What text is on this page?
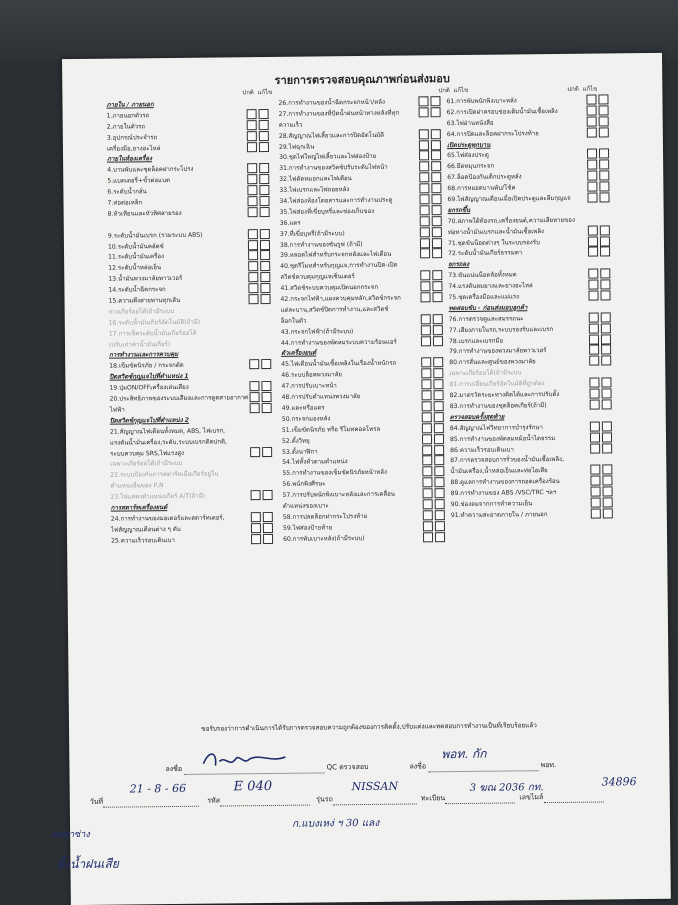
รายการตรวจสอบคุณภาพก่อนส่งมอบ
ปกติ แก้ไข	ปกติ แก้ไข	ปกติ แก้ไข
ภายใน / ภายนอก
1.ภายนอกตัวรถ
2.ภายในตัวรถ
3.อุปกรณ์ประจำรถ
เครื่องมือ,ยางอะไหล่
ภายในห้องเครื่อง
4.บานพับและชุดล็อคฝากระโปรง
5.แบตเตอรี่+ขั้วต่อแบต
6.ระดับน้ำกลั่น
7.ท่อต่อเหล็ก
8.หัวเทียนและหัวทิศสายรอง
9.ระดับน้ำมันเบรก (รวมระบบ ABS)
10.ระดับน้ำมันคลัตช์
11.ระดับน้ำมันเครื่อง
12.ระดับน้ำหล่อเย็น
13.น้ำมันพวงมาลัยพาวเวอร์
14.ระดับน้ำฉีดกระจก
15.ความตึงสายพานทุกเส้น
ทางเกียร์ออโต้(ถ้ามีระบบ
16.ระดับน้ำมันเกียร์อัตโนมัติ(ถ้ามี)
17.การเช็คระดับน้ำมันเกียร์ออโต้
(ปรับเท่าค่าน้ำมันเกียร์)
การทำงานและการควบคุม
18.เข็มขัดนิรภัย / กระจกตัด
ปิดสวิตช์กุญแจไปที่ตำแหน่ง 1
19.ปุ่มON/OFFเครื่องเล่นเสียง
20.ประสิทธิภาพของระบบเสียงและการดูดสายอากาศ
ไฟฟ้า
ปิดสวิตช์กุญแจไปที่ตำแหน่ง 2
21.สัญญาณไฟเตือนทั้งหมด, ABS, ไฟเบรก,
แรงดันน้ำมันเครื่อง,ระดับ,ระบบเบรกติดปกติ,
ระบบควบคุม SRS,ไฟแรงสูง
เฉพาะเกียร์ออโต้(ถ้ามีระบบ
22.ระบบป้องกันการสตาร์ทเมื่อเกียร์อยู่ใน
ตำแหน่งอื่นของ P,N
23.ไฟแสดงตำแหน่งเกียร์ A/T(ถ้ามี)
การสตาร์ทเครื่องยนต์
24.การทำงานของมอเตอร์และสตาร์ทเตอร์,
ไฟสัญญาณเตือนต่าง ๆ ดับ
25.ความเร็วรอบเดินเบา
26.การทำงานของน้ำฉีดกระจกหน้า/หลัง
27.การทำงานของที่ปัดน้ำฝนหน้าทางหลังที่ทุก
ความเร็ว
28.สัญญาณไฟเลี้ยวและการปิดอัตโนมัติ
29.ไฟฉุกเฉิน
30.ชุดไฟใหญ่ไฟเลี้ยวและไฟส่องป้าย
31.การทำงานของสวิตช์ปรับระดับไฟหน้า
32.ไฟตัดหมอกและไฟเดือน
33.ไฟเบรกและไฟถอยหลัง
34.ไฟส่องห้องโดยสารและการทำงานประตู
35.ไฟส่องที่เขี่ยบุหรี่และช่องเก็บของ
36.แตร
37.ที่เขี่ยบุหรี่(ถ้ามีระบบ)
38.การทำงานของซันรูฟ (ถ้ามี)
39.หลอดไฟสำหรับกระจกหลังและไฟเตือน
40.ชุดรีโมทสำหรับกุญแจ,การทำงานปิด-เปิด
สวิตช์ควบคุมกุญแจเซ็นเตอร์
41.สวิตช์ระบบควบคุมเปิดนอกกระจก
42.กระจกไฟฟ้า,แผงควบคุมหลัก,สวิตช์กระจก
แต่ละบาน,สวิตช์ปิดการทำงาน,และสวิตช์
ล็อกในตัว
43.กระจกไฟฟ้า(ถ้ามีระบบ)
44.การทำงานของพัดลมระบบความร้อนแอร์
ตัวเครื่องยนต์
45.ไฟเตือนน้ำมันเชื้อเพลิงในเรื่องน้ำหนักรถ
46.ระบบล็อคพวงมาลัย
47.การปรับเบาะหน้า
48.การปรับตำแหน่งพวงมาลัย
49.แตะหรือแตร
50.กระจกมองหลัง
51.เข็มขัดนิรภัย หรือ รีโมทคอลโทรล
52.ตั้งวิทยุ
53.ตั้งนาฬิกา
54.ไฟทั้งทั่วตามตำแหน่ง
55.การทำงานของเข็มขัดนิรภัยหน้าหลัง
56.พนักพิงศีรษะ
57.การปรับพนักพิงเบาะหลังและการเคลื่อน
ตำแหน่งของเบาะ
58.การปลดล็อกฝากระโปรงท้าย
59.ไฟส่องป้ายท้าย
60.การพับเบาะหลัง(ถ้ามีระบบ)
61.การพับพนักพิงเบาะหลัง
62.การเปิดฝาครอบช่องเติมน้ำมันเชื้อเพลิง
63.ไฟอ่านหนังสือ
64.การปิดและล็อคฝากระโปรงท้าย
เปิดประตูทุกบาน
65.ไฟส่องประตู
66.ยึดหมุนกระจก
67.ล็อคป้องกันเด็กประตูหลัง
68.การหยอดบานพับ/โช้ค
69.ไฟสัญญาณเตือนเมื่อเปิดประตูและลืมกุญแจ
ยกรถขึ้น
70.สภาพใต้ท้องรถ,เครื่องยนต์,ความเสียหายของ
ท่อทางน้ำมันเบรกและน้ำมันเชื้อเพลิง
71.ชุดขันน็อตต่างๆ ในระบบรองรับ
72.ระดับน้ำมันเกียร์ธรรมดา
ยกรถลง
73.ขันแน่นน็อตล้อทั้งหมด
74.แรงดันลมยางและยางอะไหล่
75.ชุดเครื่องมือและแม่แรง
ทดสอบขับ - ก่อนส่งมอบลูกค้า
76.การตรวจดูและสมรรถนะ
77.เสียงภายในรถ,ระบบรองรับและเบรก
78.เบรกและเบรกมือ
79.การทำงานของพวงมาลัยพาวเวอร์
80.การสั่นและศูนย์ของพวงมาลัย
เฉพาะเกียร์ออโต้(ถ้ามีระบบ
81.การเปลี่ยนเกียร์อัตโนมัติที่ถูกต้อง
82.มาตรวัดระยะทางติดได้และการปรับตั้ง
83.การทำงานของชุดล็อคเกียร์(ถ้ามี)
ตรวจสอบครั้งสุดท้าย
84.สัญญาณไฟวิทยาการบำรุงรักษา
85.การทำงานของพัดลมหม้อน้ำไดธรรม
86.ความเร็วรอบเดินเบา
87.การตรวจสอบการรั่วของน้ำมันเชื้อเพลิง,
น้ำมันเครื่อง,น้ำหล่อเย็นและท่อไอเสีย
88.ดูแลการทำงานของการถอดเครื่องร้อน
89.การทำงานของ ABS /VSC/TRC ฯลฯ
90.ช่องลมจากการทำความเย็น
91.ทำความสะอาดภายใน / ภายนอก
ขอรับรองว่าการดำเนินการได้รับการตรวจสอบความถูกต้องของการติดตั้ง,ปรับแต่งและทดสอบการทำงานเป็นที่เรียบร้อยแล้ว
ลงชื่อ	QC ตรวจสอบ	ลงชื่อ	พอท.
พอท. กัก
วันที่	รหัส	รุ่นรถ	ทะเบียน	เลขไมล์
21 - 8 - 66	E 040	NISSAN	3 ฆณ 2036 กท.	34896
ก.แบงเหง่ ฯ 30 แลง
ผลนาซ่าง
หิ้งน้ำฝนเสีย
